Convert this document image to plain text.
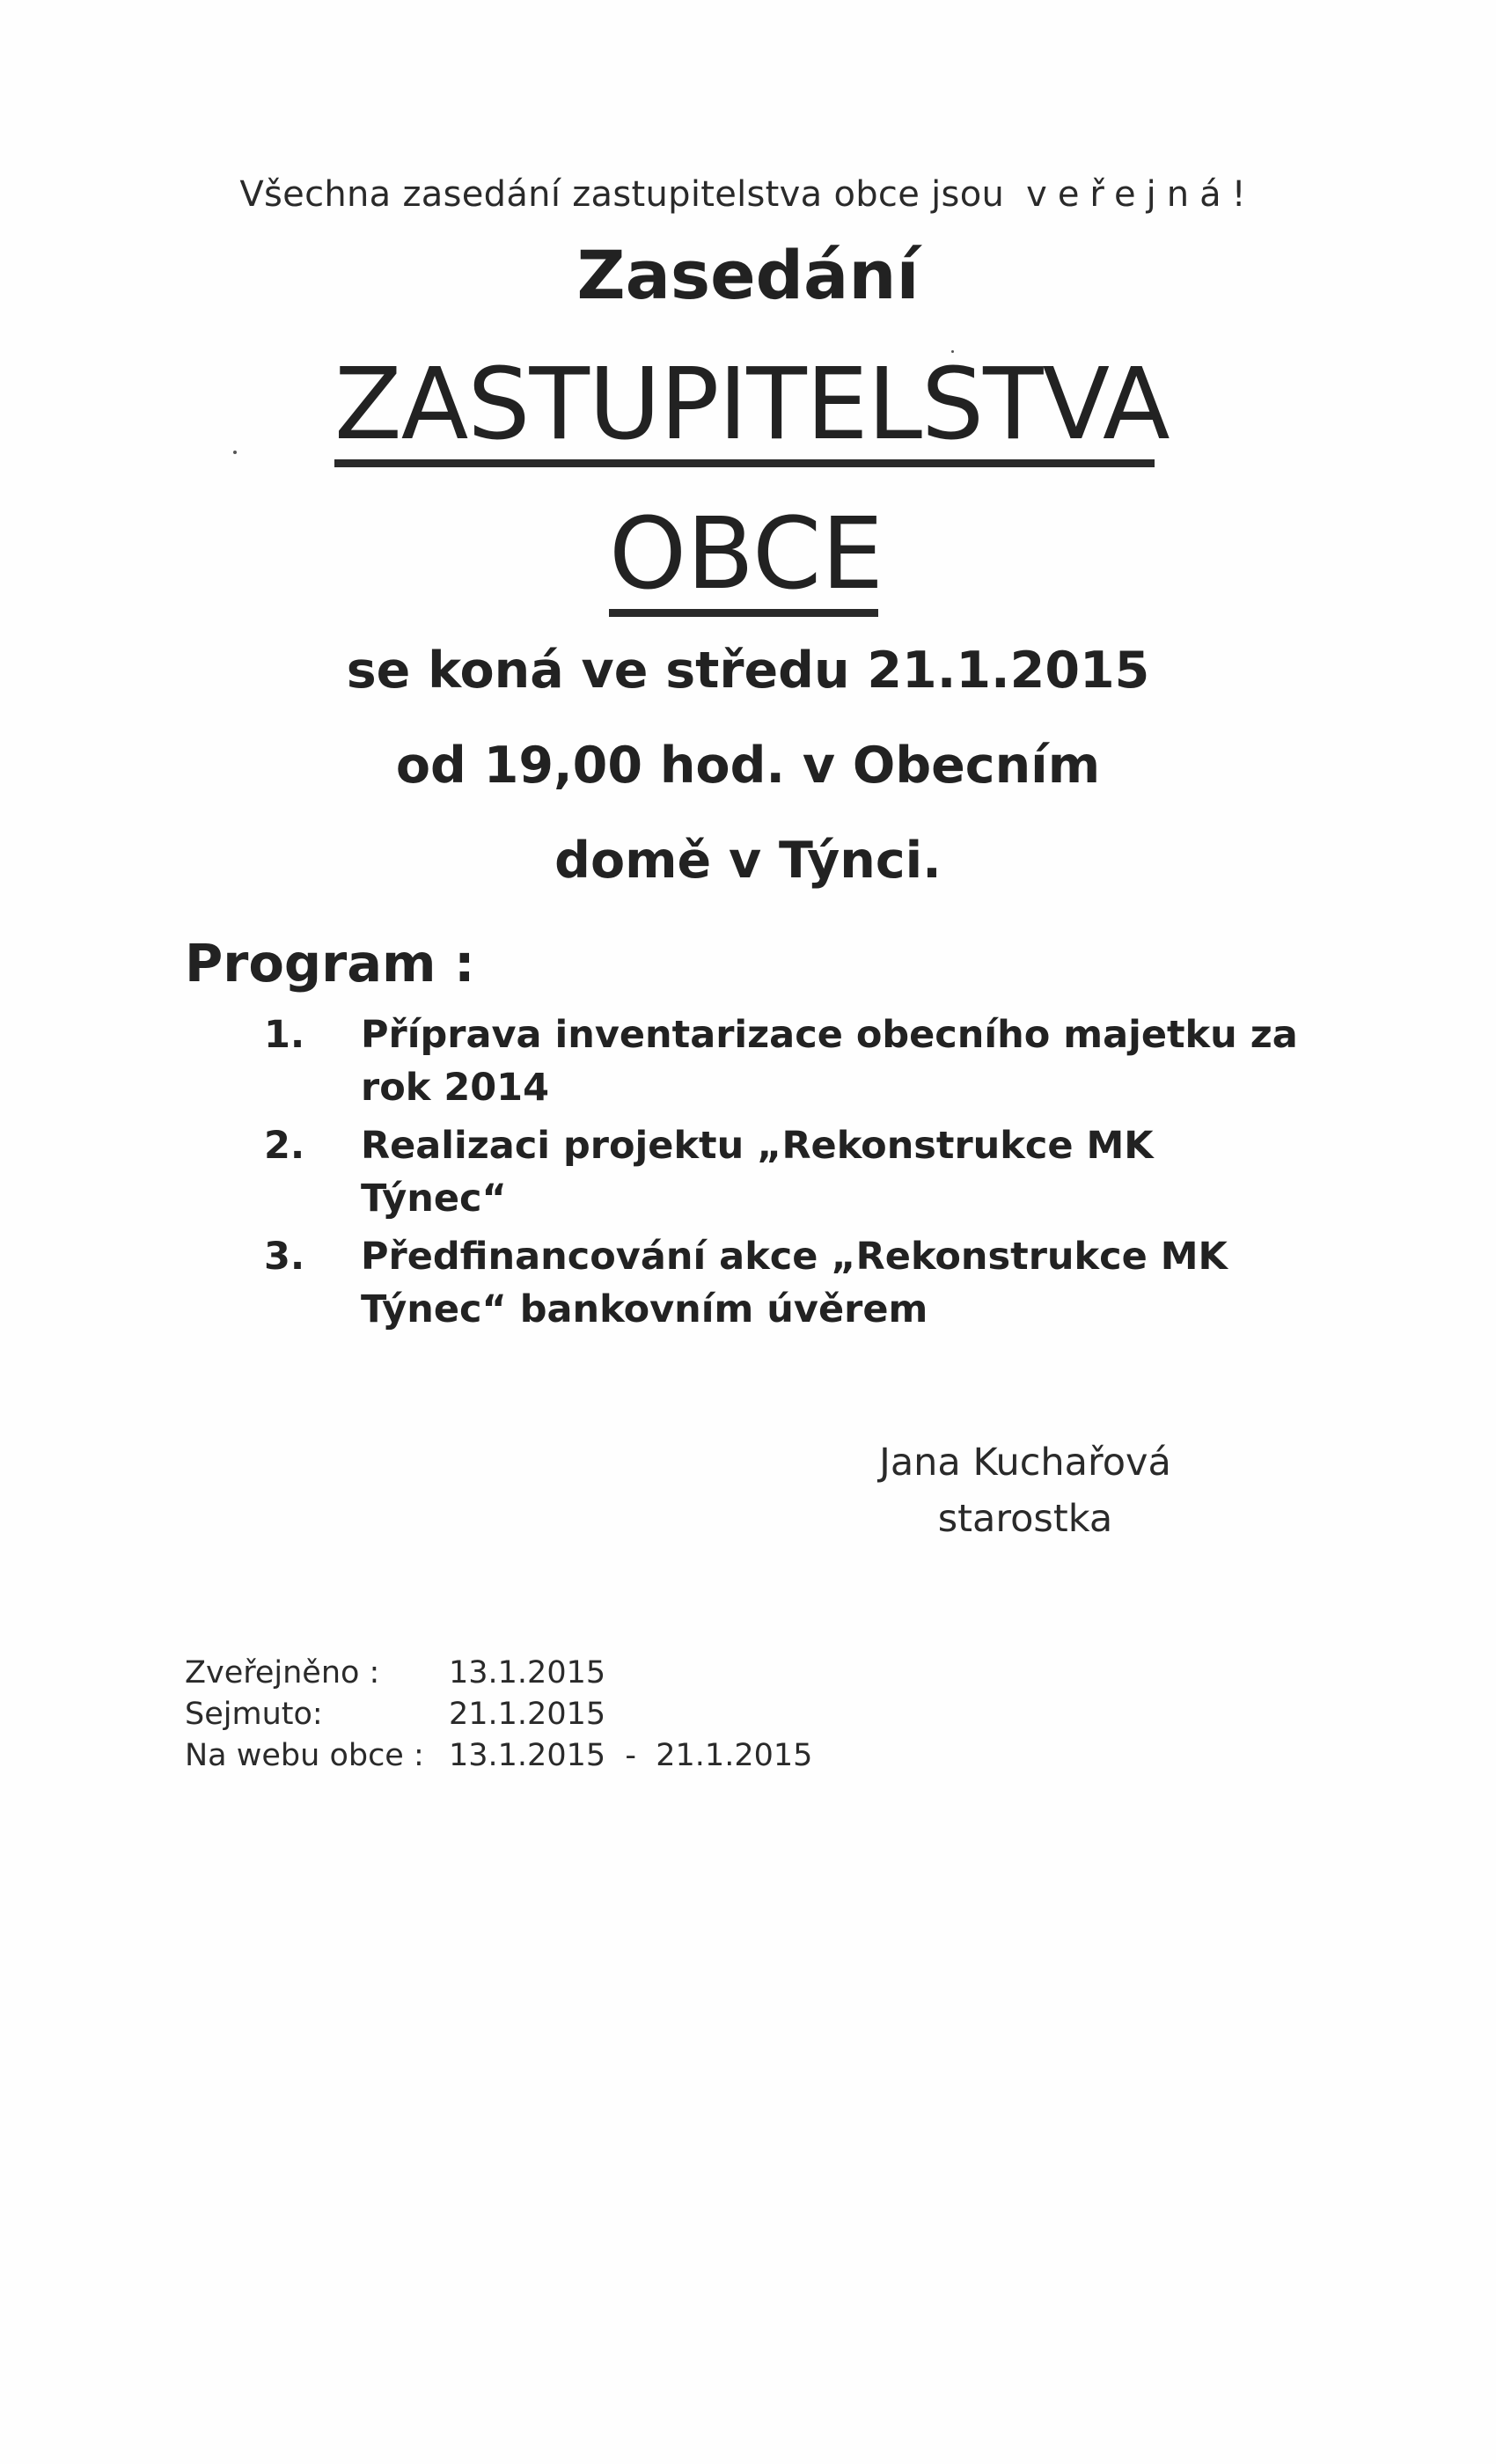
Všechna zasedání zastupitelstva obce jsou veřejná!
Zasedání
ZASTUPITELSTVA
OBCE
se koná ve středu 21.1.2015
od 19,00 hod. v Obecním
domě v Týnci.
Program :
1.	Příprava inventarizace obecního majetku za rok 2014
2.	Realizaci projektu „Rekonstrukce MK Týnec“
3.	Předfinancování akce „Rekonstrukce MK Týnec“ bankovním úvěrem
Jana Kuchařová
starostka
Zveřejněno :	13.1.2015
Sejmuto:	21.1.2015
Na webu obce : 13.1.2015  -  21.1.2015
